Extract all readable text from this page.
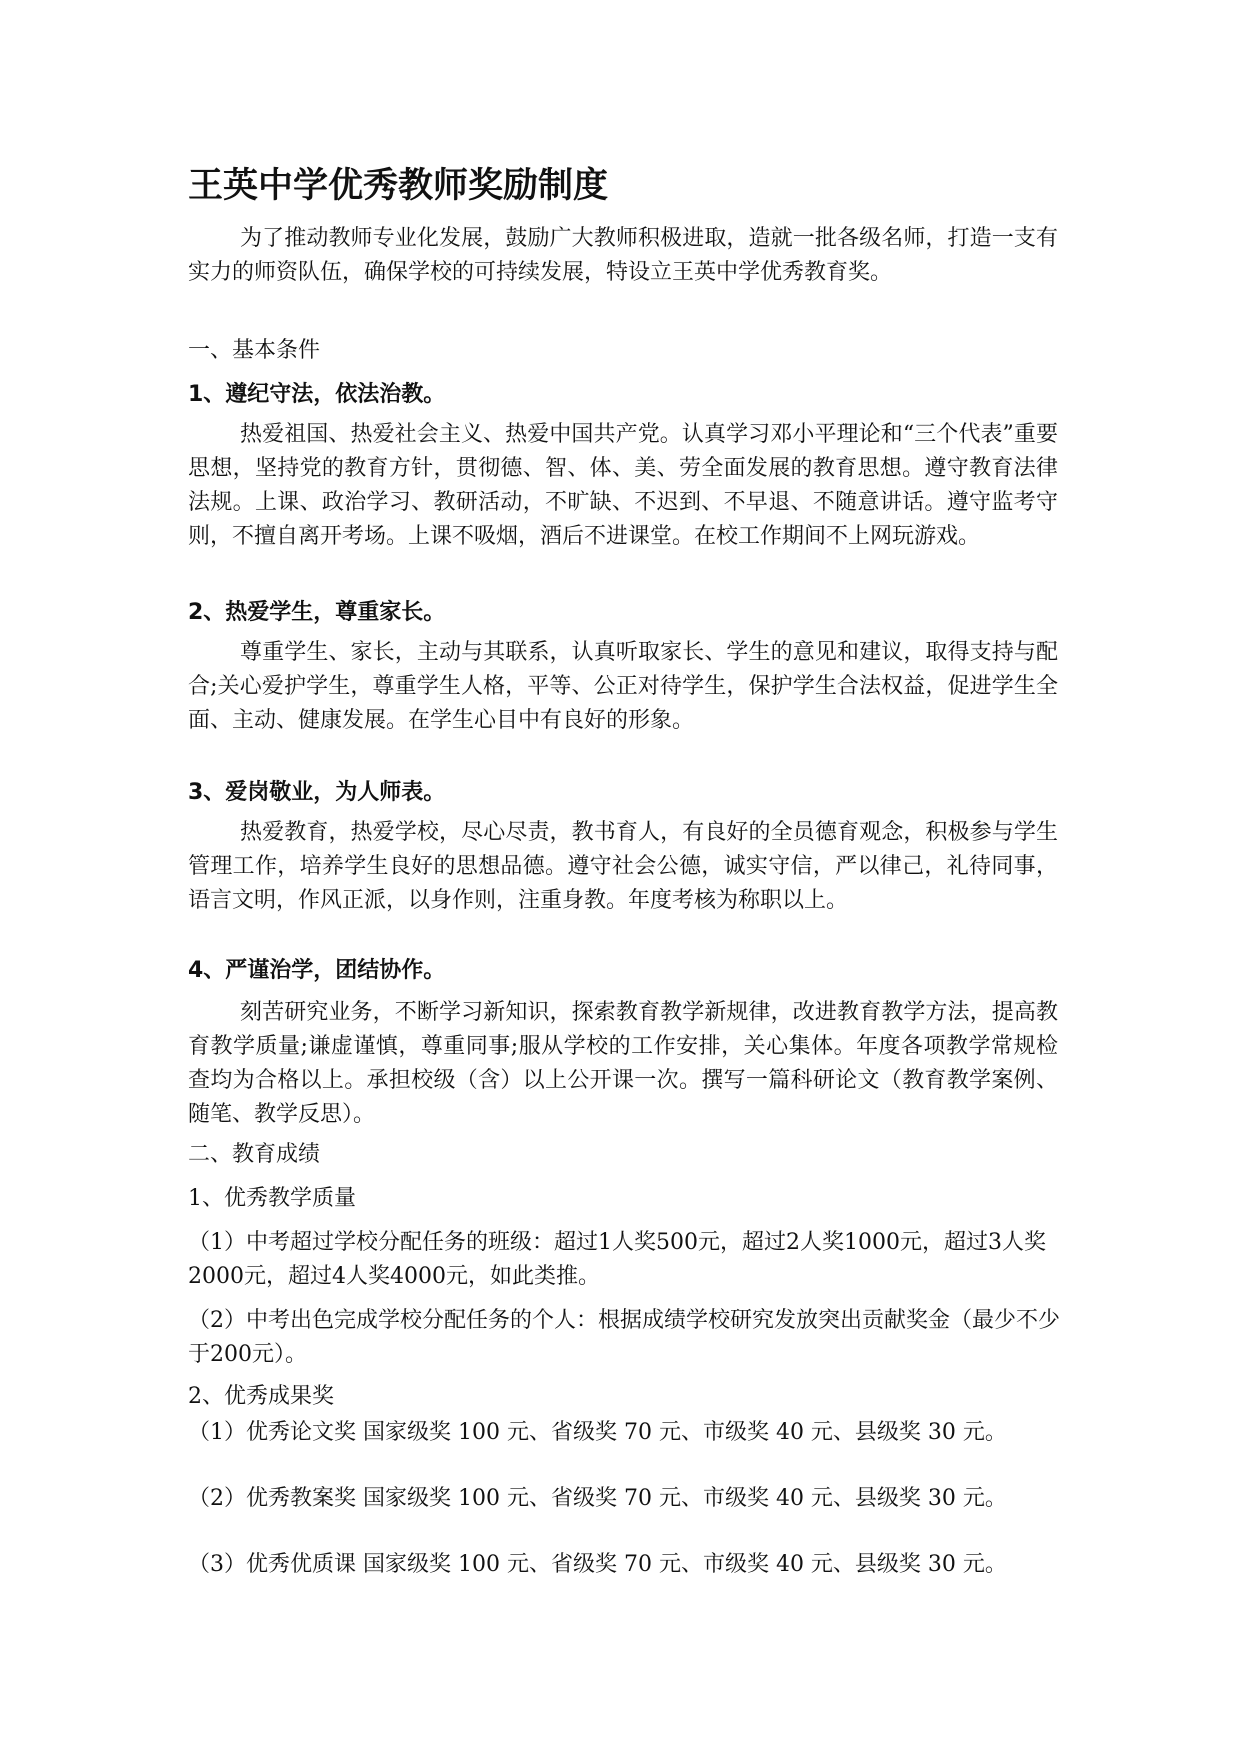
王英中学优秀教师奖励制度
为了推动教师专业化发展，鼓励广大教师积极进取，造就一批各级名师，打造一支有实力的师资队伍，确保学校的可持续发展，特设立王英中学优秀教育奖。
一、基本条件
1、遵纪守法，依法治教。
热爱祖国、热爱社会主义、热爱中国共产党。认真学习邓小平理论和“三个代表”重要思想，坚持党的教育方针，贯彻德、智、体、美、劳全面发展的教育思想。遵守教育法律法规。上课、政治学习、教研活动，不旷缺、不迟到、不早退、不随意讲话。遵守监考守则，不擅自离开考场。上课不吸烟，酒后不进课堂。在校工作期间不上网玩游戏。
2、热爱学生，尊重家长。
尊重学生、家长，主动与其联系，认真听取家长、学生的意见和建议，取得支持与配合;关心爱护学生，尊重学生人格，平等、公正对待学生，保护学生合法权益，促进学生全面、主动、健康发展。在学生心目中有良好的形象。
3、爱岗敬业，为人师表。
热爱教育，热爱学校，尽心尽责，教书育人，有良好的全员德育观念，积极参与学生管理工作，培养学生良好的思想品德。遵守社会公德，诚实守信，严以律己，礼待同事，语言文明，作风正派，以身作则，注重身教。年度考核为称职以上。
4、严谨治学，团结协作。
刻苦研究业务，不断学习新知识，探索教育教学新规律，改进教育教学方法，提高教育教学质量;谦虚谨慎，尊重同事;服从学校的工作安排，关心集体。年度各项教学常规检查均为合格以上。承担校级（含）以上公开课一次。撰写一篇科研论文（教育教学案例、随笔、教学反思）。
二、教育成绩
1、优秀教学质量
（1）中考超过学校分配任务的班级：超过1人奖500元，超过2人奖1000元，超过3人奖2000元，超过4人奖4000元，如此类推。
（2）中考出色完成学校分配任务的个人：根据成绩学校研究发放突出贡献奖金（最少不少于200元）。
2、优秀成果奖
（1）优秀论文奖 国家级奖 100 元、省级奖 70 元、市级奖 40 元、县级奖 30 元。
（2）优秀教案奖 国家级奖 100 元、省级奖 70 元、市级奖 40 元、县级奖 30 元。
（3）优秀优质课 国家级奖 100 元、省级奖 70 元、市级奖 40 元、县级奖 30 元。
